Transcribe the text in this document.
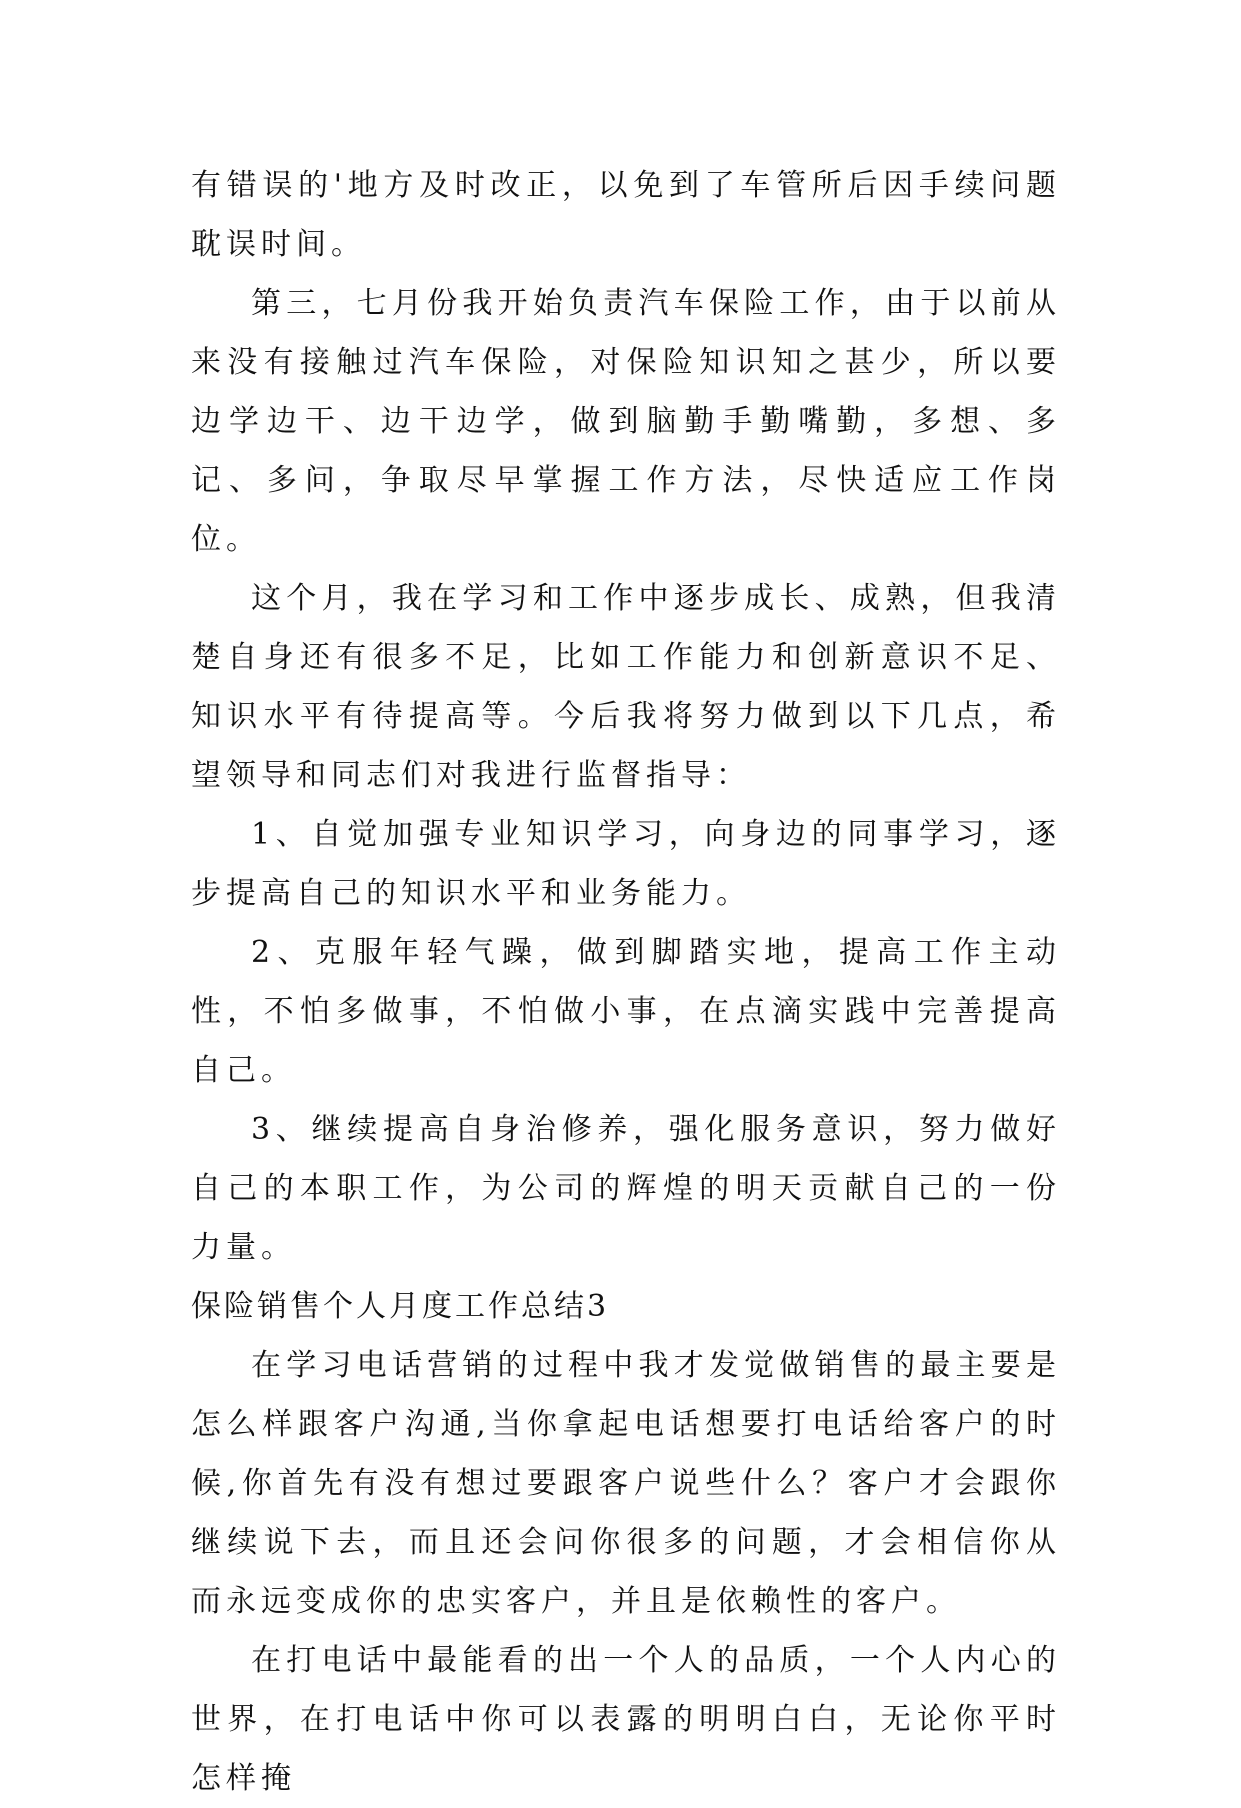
有错误的'地方及时改正，以免到了车管所后因手续问题耽误时间。

第三，七月份我开始负责汽车保险工作，由于以前从来没有接触过汽车保险，对保险知识知之甚少，所以要边学边干、边干边学，做到脑勤手勤嘴勤，多想、多记、多问，争取尽早掌握工作方法，尽快适应工作岗位。

这个月，我在学习和工作中逐步成长、成熟，但我清楚自身还有很多不足，比如工作能力和创新意识不足、知识水平有待提高等。今后我将努力做到以下几点，希望领导和同志们对我进行监督指导：

1、自觉加强专业知识学习，向身边的同事学习，逐步提高自己的知识水平和业务能力。

2、克服年轻气躁，做到脚踏实地，提高工作主动性，不怕多做事，不怕做小事，在点滴实践中完善提高自己。

3、继续提高自身治修养，强化服务意识，努力做好自己的本职工作，为公司的辉煌的明天贡献自己的一份力量。

保险销售个人月度工作总结3

在学习电话营销的过程中我才发觉做销售的最主要是怎么样跟客户沟通,当你拿起电话想要打电话给客户的时候,你首先有没有想过要跟客户说些什么？客户才会跟你继续说下去，而且还会问你很多的问题，才会相信你从而永远变成你的忠实客户，并且是依赖性的客户。

在打电话中最能看的出一个人的品质，一个人内心的世界，在打电话中你可以表露的明明白白，无论你平时怎样掩
